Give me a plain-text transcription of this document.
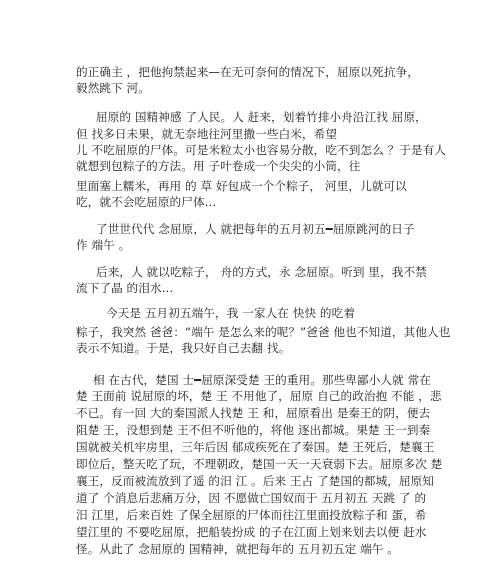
的正确主 ，把他拘禁起来—在无可奈何的情况下，屈原以死抗争，
毅然跳下 河。
屈原的 国精神感 了人民。人 赶来，划着竹排小舟沿江找 屈原，
但 找多日未果，就无奈地往河里撒一些白米，希望
儿 不吃屈原的尸体。可是米粒太小也容易分散，吃不到怎么 ？于是有人
就想到包粽子的方法。用 子叶卷成一个尖尖的小筒，往
里面塞上糯米，再用 的 草 好包成一个个粽子， 河里，儿就可以
吃，就不会吃屈原的尸体…
了世世代代 念屈原，人 就把每年的五月初五━屈原跳河的日子
作 端午 。
后来，人 就以吃粽子， 舟的方式，永 念屈原。听到 里，我不禁
流下了晶 的泪水…
今天是 五月初五端午，我 一家人在 快快 的吃着
粽子，我突然 爸爸：“端午 是怎么来的呢？”爸爸 他也不知道，其他人也
表示不知道。于是，我只好自己去翻 找。
相 在古代，楚国 士━屈原深受楚 王的重用。那些卑鄙小人就 常在
楚 王面前 说屈原的坏，楚 王 不用他了，屈原 自己的政治抱 不能 ，悲
不已。有一回 大的秦国派人找楚 王 和，屈原看出 是秦王的阴，便去
阻楚 王，没想到楚 王不但不听他的，将他 逐出都城。果楚 王一到秦
国就被关机牢房里，三年后因 郁成疾死在了秦国。楚 王死后，楚襄王
即位后，整天吃了玩，不理朝政，楚国一天一天衰弱下去。屈原多次 楚
襄王，反而被流放到了遥 的汨 江 。后来 王占 了楚国的都城，屈原知
道了 个消息后悲痛万分，因 不愿做亡国奴而于 五月初五 天跳 了 的
汨 江里，后来百姓 了保全屈原的尸体而往江里面投放粽子和 蛋，希
望江里的 不要吃屈原，把船装扮成 的子在江面上划来划去以便 赶水
怪。从此了 念屈原的 国精神，就把每年的 五月初五定 端午 。
